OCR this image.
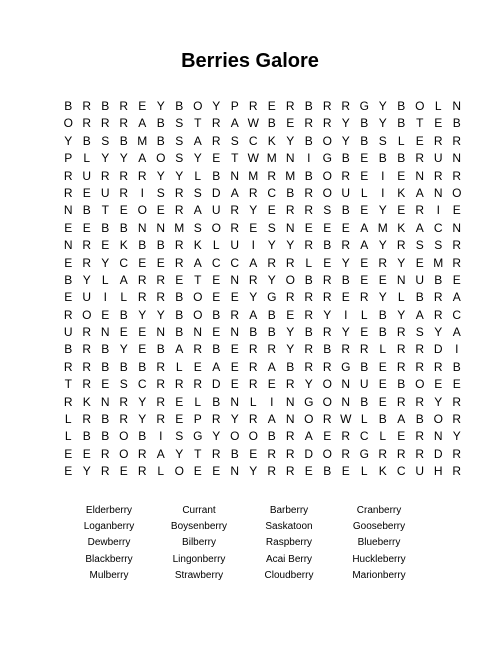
Berries Galore
B R B R E Y B O Y P R E R B R R G Y B O L N
O R R R A B S T R A W B E R R Y B Y B T E B
Y B S B M B S A R S C K Y B O Y B S L E R R
P L Y Y A O S Y E T W M N	I	G B E B B R U N
R U R R R Y Y L B N M R M B O R E	I	E N R R
R E U R	I	S R S D A R C B R O U L	I	K A N O
N B T E O E R A U R Y E R R S B E Y E R	I	E
E E B B N N M S O R E S N E E E A M K A C N
N R E K B B R K L U	I	Y Y R B R A Y R S S R
E R Y C E E R A C C A R R L E Y E R Y E M R
B Y L A R R E T E N R Y O B R B E E N U B E
E U	I	L R R B O E E Y G R R R E R Y L B R A
R O E B Y Y B O B R A B E R Y	I	L B Y A R C
U R N E E N B N E N B B Y B R Y E B R S Y A
B R B Y E B A R B E R R Y R B R R L R R D	I
R R B B B R L E A E R A B R R G B E R R R B
T R E S C R R R D E R E R Y O N U E B O E E
R K N R Y R E L B N L	I	N G O N B E R R Y R
L R B R Y R E P R Y R A N O R W L B A B O R
L B B O B	I	S G Y O O B R A E R C L E R N Y
E E R O R A Y T R B E R R D O R G R R R D R
E Y R E R L O E E N Y R R E B E L K C U H R
Elderberry	Currant	Barberry	Cranberry
Loganberry	Boysenberry	Saskatoon	Gooseberry
Dewberry	Bilberry	Raspberry	Blueberry
Blackberry	Lingonberry	Acai Berry	Huckleberry
Mulberry	Strawberry	Cloudberry	Marionberry
